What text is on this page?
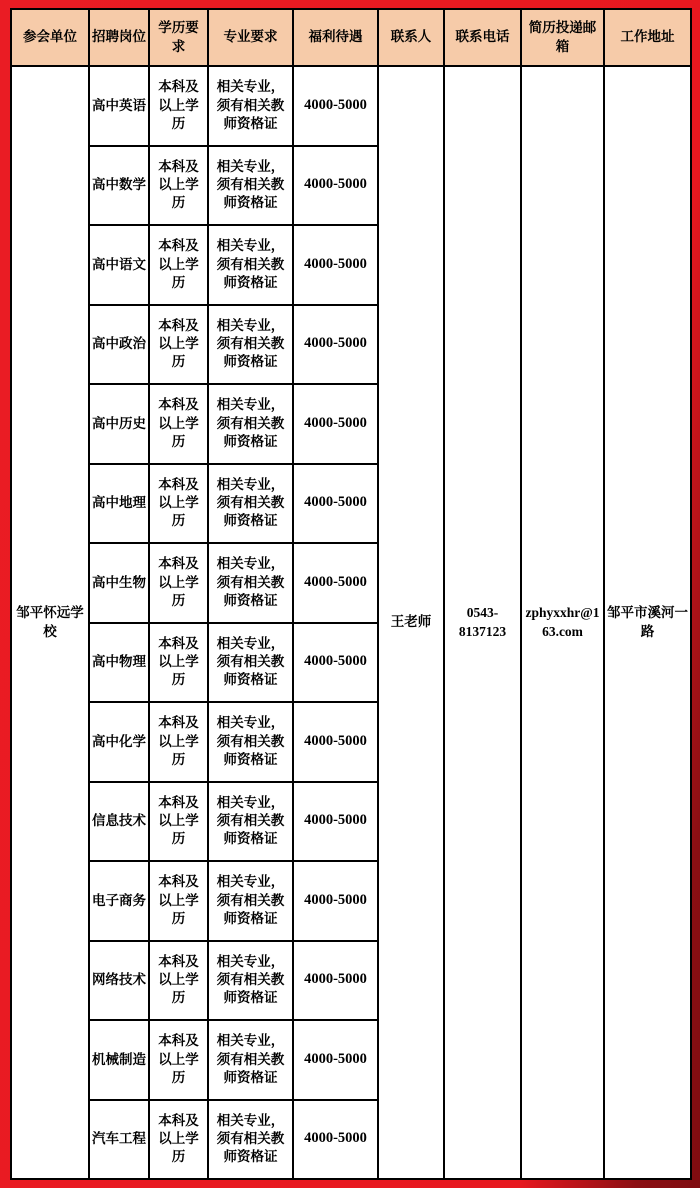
参会单位	招聘岗位	学历要求	专业要求	福利待遇	联系人	联系电话	简历投递邮箱	工作地址
邹平怀远学校	高中英语	本科及以上学历	相关专业，须有相关教师资格证	4000-5000	王老师	0543-8137123	zphyxxhr@163.com	邹平市溪河一路
	高中数学	本科及以上学历	相关专业，须有相关教师资格证	4000-5000				
	高中语文	本科及以上学历	相关专业，须有相关教师资格证	4000-5000				
	高中政治	本科及以上学历	相关专业，须有相关教师资格证	4000-5000				
	高中历史	本科及以上学历	相关专业，须有相关教师资格证	4000-5000				
	高中地理	本科及以上学历	相关专业，须有相关教师资格证	4000-5000				
	高中生物	本科及以上学历	相关专业，须有相关教师资格证	4000-5000				
	高中物理	本科及以上学历	相关专业，须有相关教师资格证	4000-5000				
	高中化学	本科及以上学历	相关专业，须有相关教师资格证	4000-5000				
	信息技术	本科及以上学历	相关专业，须有相关教师资格证	4000-5000				
	电子商务	本科及以上学历	相关专业，须有相关教师资格证	4000-5000				
	网络技术	本科及以上学历	相关专业，须有相关教师资格证	4000-5000				
	机械制造	本科及以上学历	相关专业，须有相关教师资格证	4000-5000				
	汽车工程	本科及以上学历	相关专业，须有相关教师资格证	4000-5000				
